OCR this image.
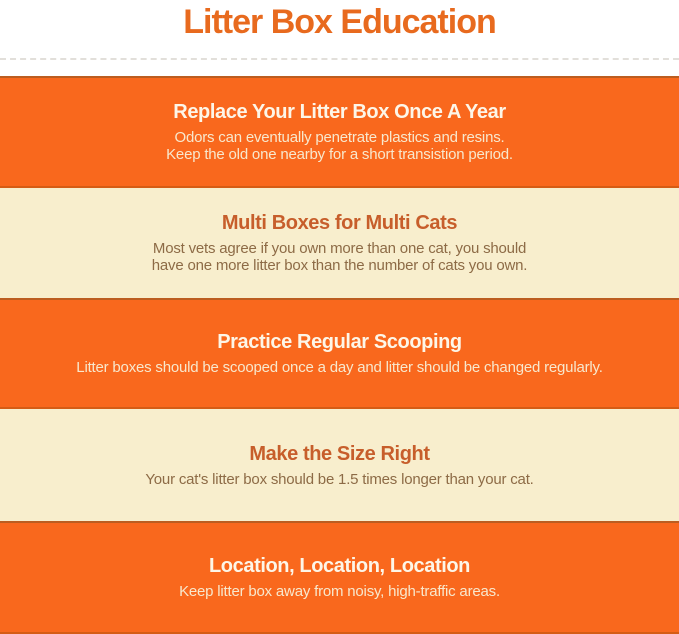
Litter Box Education
Replace Your Litter Box Once A Year
Odors can eventually penetrate plastics and resins.
Keep the old one nearby for a short transistion period.
Multi Boxes for Multi Cats
Most vets agree if you own more than one cat, you should
have one more litter box than the number of cats you own.
Practice Regular Scooping
Litter boxes should be scooped once a day and litter should be changed regularly.
Make the Size Right
Your cat's litter box should be 1.5 times longer than your cat.
Location, Location, Location
Keep litter box away from noisy, high-traffic areas.
